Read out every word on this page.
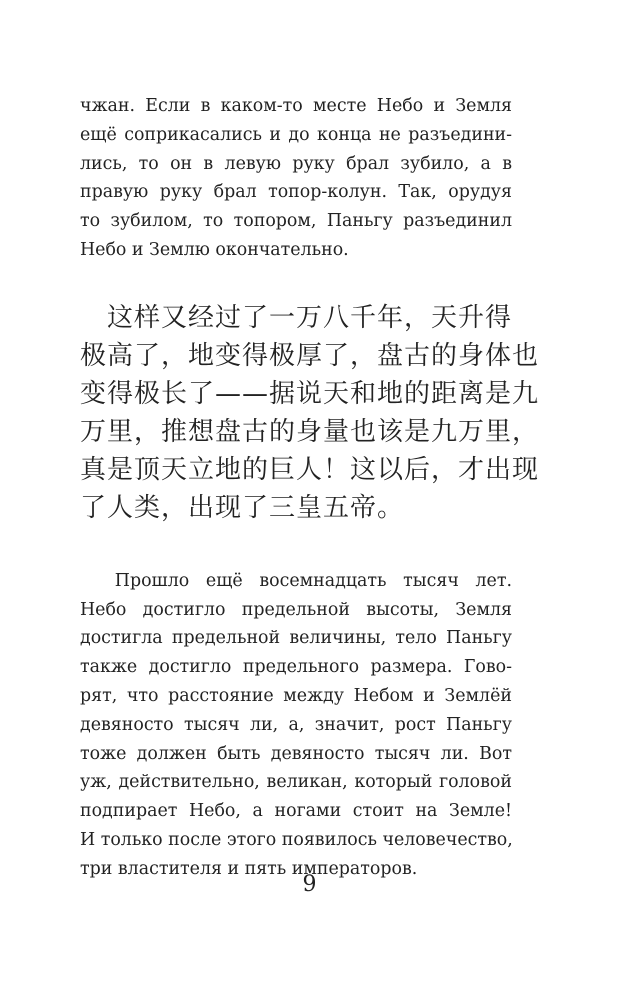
чжан. Если в каком-то месте Небо и Земля
ещё соприкасались и до конца не разъедини-
лись, то он в левую руку брал зубило, а в
правую руку брал топор-колун. Так, орудуя
то зубилом, то топором, Паньгу разъединил
Небо и Землю окончательно.
　这样又经过了一万八千年，天升得
极高了，地变得极厚了，盘古的身体也
变得极长了——据说天和地的距离是九
万里，推想盘古的身量也该是九万里，
真是顶天立地的巨人！这以后，才出现
了人类，出现了三皇五帝。
  Прошло ещё восемнадцать тысяч лет.
Небо достигло предельной высоты, Земля
достигла предельной величины, тело Паньгу
также достигло предельного размера. Гово-
рят, что расстояние между Небом и Землёй
девяносто тысяч ли, а, значит, рост Паньгу
тоже должен быть девяносто тысяч ли. Вот
уж, действительно, великан, который головой
подпирает Небо, а ногами стоит на Земле!
И только после этого появилось человечество,
три властителя и пять императоров.
9
